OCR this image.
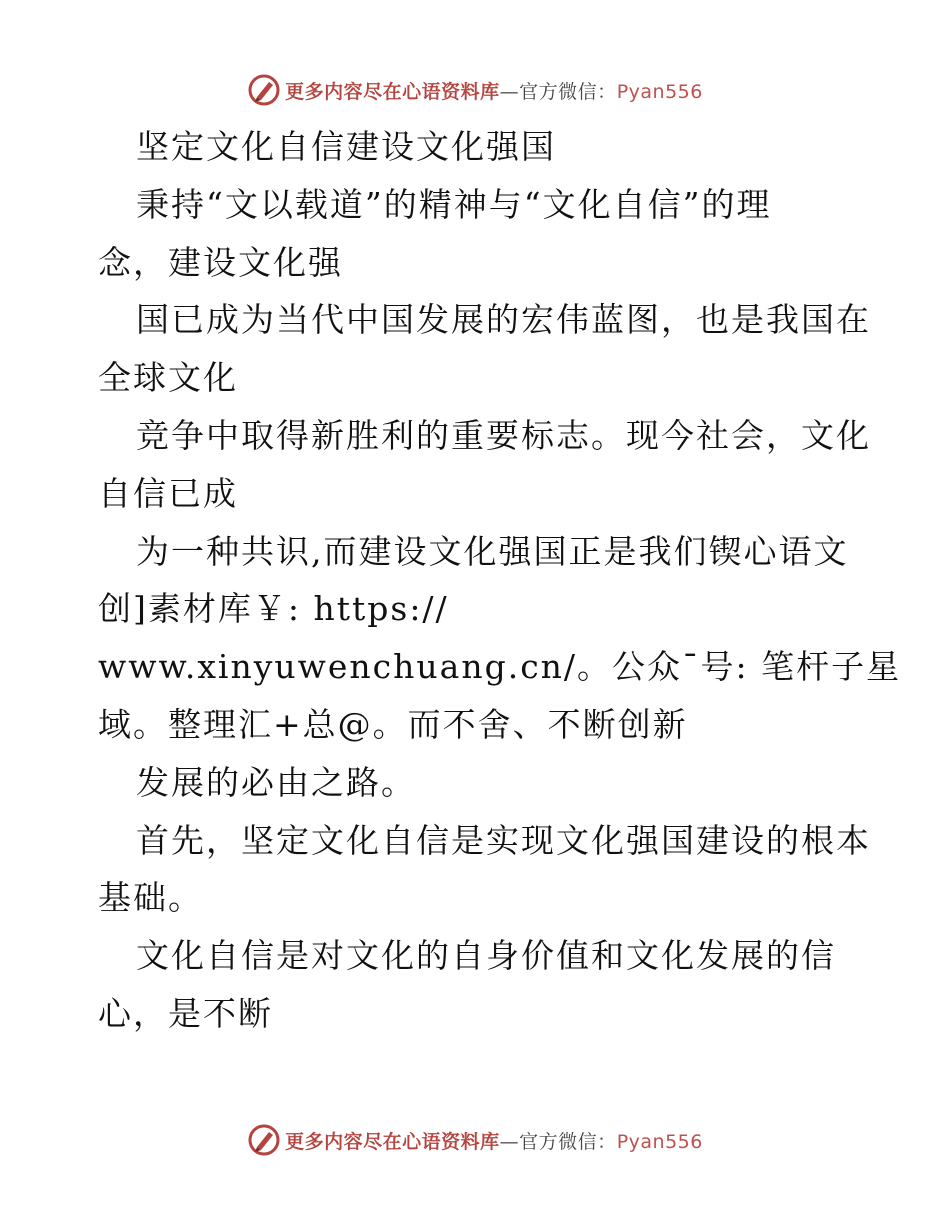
更多内容尽在心语资料库—官方微信：Pyan556
坚定文化自信建设文化强国
秉持“文以载道”的精神与“文化自信”的理
念，建设文化强
国已成为当代中国发展的宏伟蓝图，也是我国在
全球文化
竞争中取得新胜利的重要标志。现今社会，文化
自信已成
为一种共识,而建设文化强国正是我们锲心语文
创]素材库￥: https://
www.xinyuwenchuang.cn/。公众¯号: 笔杆子星
域。整理汇+总@。而不舍、不断创新
发展的必由之路。
首先，坚定文化自信是实现文化强国建设的根本
基础。
文化自信是对文化的自身价值和文化发展的信
心，是不断
更多内容尽在心语资料库—官方微信：Pyan556
